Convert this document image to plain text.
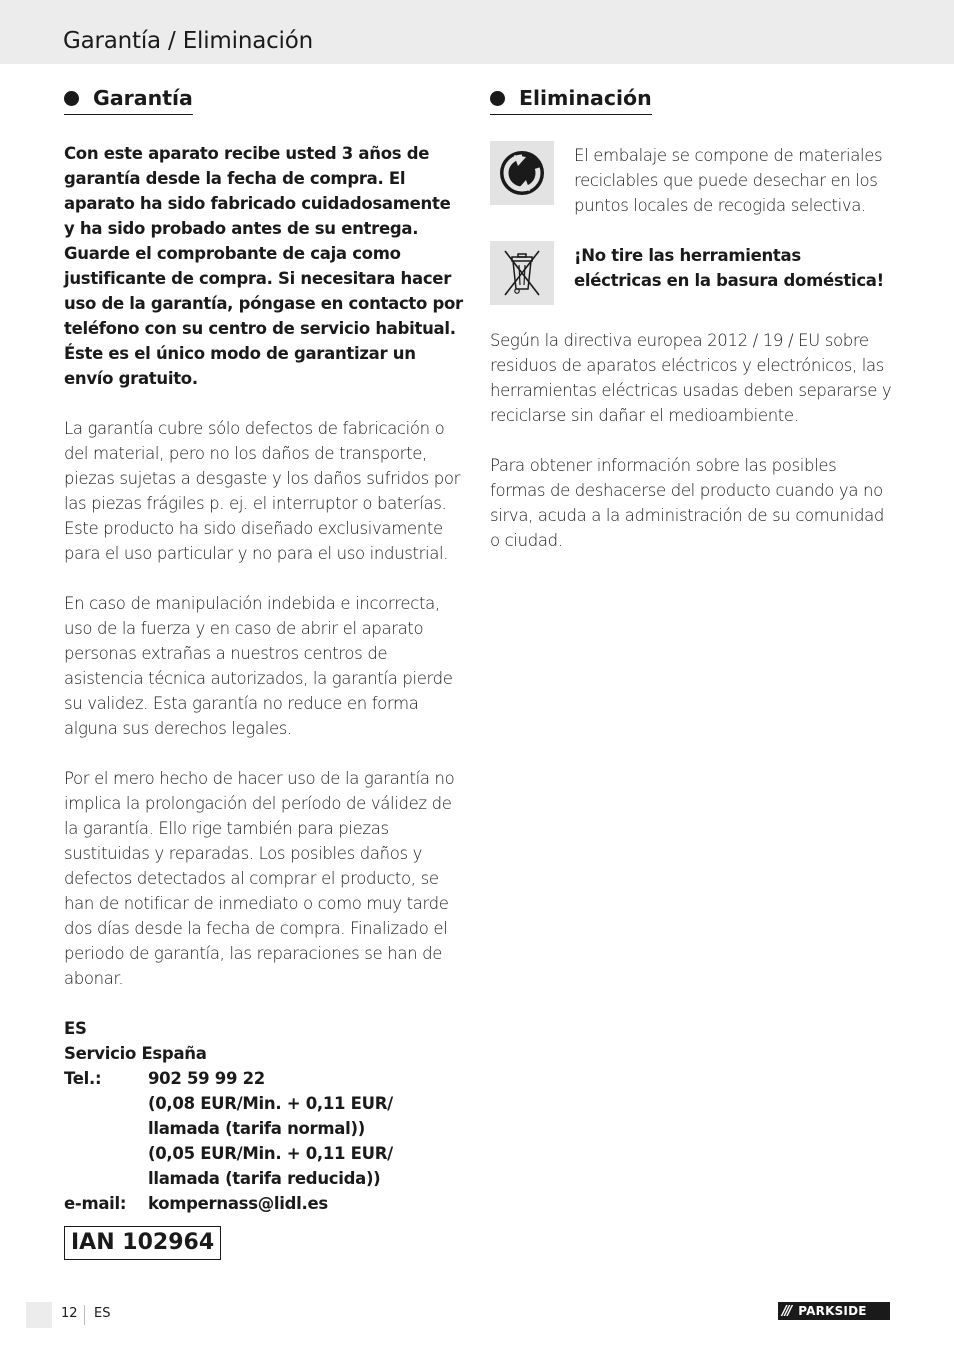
Garantía / Eliminación
Garantía

Con este aparato recibe usted 3 años de garantía desde la fecha de compra. El aparato ha sido fabricado cuidadosamente y ha sido probado antes de su entrega. Guarde el comprobante de caja como justificante de compra. Si necesitara hacer uso de la garantía, póngase en contacto por teléfono con su centro de servicio habitual. Éste es el único modo de garantizar un envío gratuito.

La garantía cubre sólo defectos de fabricación o del material, pero no los daños de transporte, piezas sujetas a desgaste y los daños sufridos por las piezas frágiles p. ej. el interruptor o baterías. Este producto ha sido diseñado exclusivamente para el uso particular y no para el uso industrial.

En caso de manipulación indebida e incorrecta, uso de la fuerza y en caso de abrir el aparato personas extrañas a nuestros centros de asistencia técnica autorizados, la garantía pierde su validez. Esta garantía no reduce en forma alguna sus derechos legales.

Por el mero hecho de hacer uso de la garantía no implica la prolongación del período de válidez de la garantía. Ello rige también para piezas sustituidas y reparadas. Los posibles daños y defectos detectados al comprar el producto, se han de notificar de inmediato o como muy tarde dos días desde la fecha de compra. Finalizado el periodo de garantía, las reparaciones se han de abonar.

ES
Servicio España
Tel.:	902 59 99 22
(0,08 EUR/Min. + 0,11 EUR/
llamada (tarifa normal))
(0,05 EUR/Min. + 0,11 EUR/
llamada (tarifa reducida))
e-mail:	kompernass@lidl.es
IAN 102964
Eliminación

El embalaje se compone de materiales reciclables que puede desechar en los puntos locales de recogida selectiva.

¡No tire las herramientas eléctricas en la basura doméstica!

Según la directiva europea 2012 / 19 / EU sobre residuos de aparatos eléctricos y electrónicos, las herramientas eléctricas usadas deben separarse y reciclarse sin dañar el medioambiente.

Para obtener información sobre las posibles formas de deshacerse del producto cuando ya no sirva, acuda a la administración de su comunidad o ciudad.

12 ES	/// PARKSIDE
